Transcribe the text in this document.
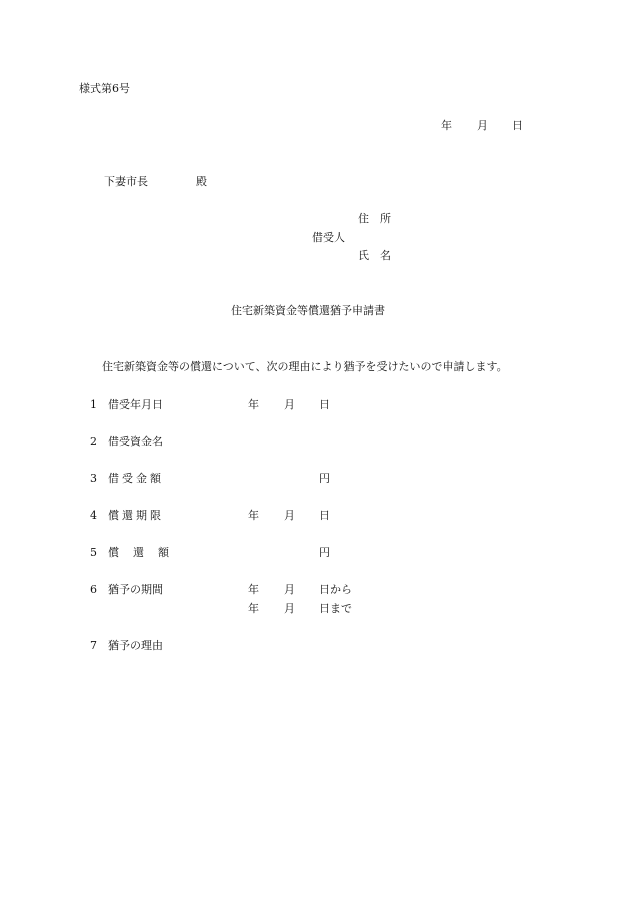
様式第6号
年 月 日
下妻市長	殿
住　所
借受人
氏　名
住宅新築資金等償還猶予申請書
住宅新築資金等の償還について、次の理由により猶予を受けたいので申請します。
1 借受年月日	年 月 日
2 借受資金名
3 借受金額	円
4 償還期限	年 月 日
5 償還額	円
6 猶予の期間	年 月 日から
年 月 日まで
7 猶予の理由
